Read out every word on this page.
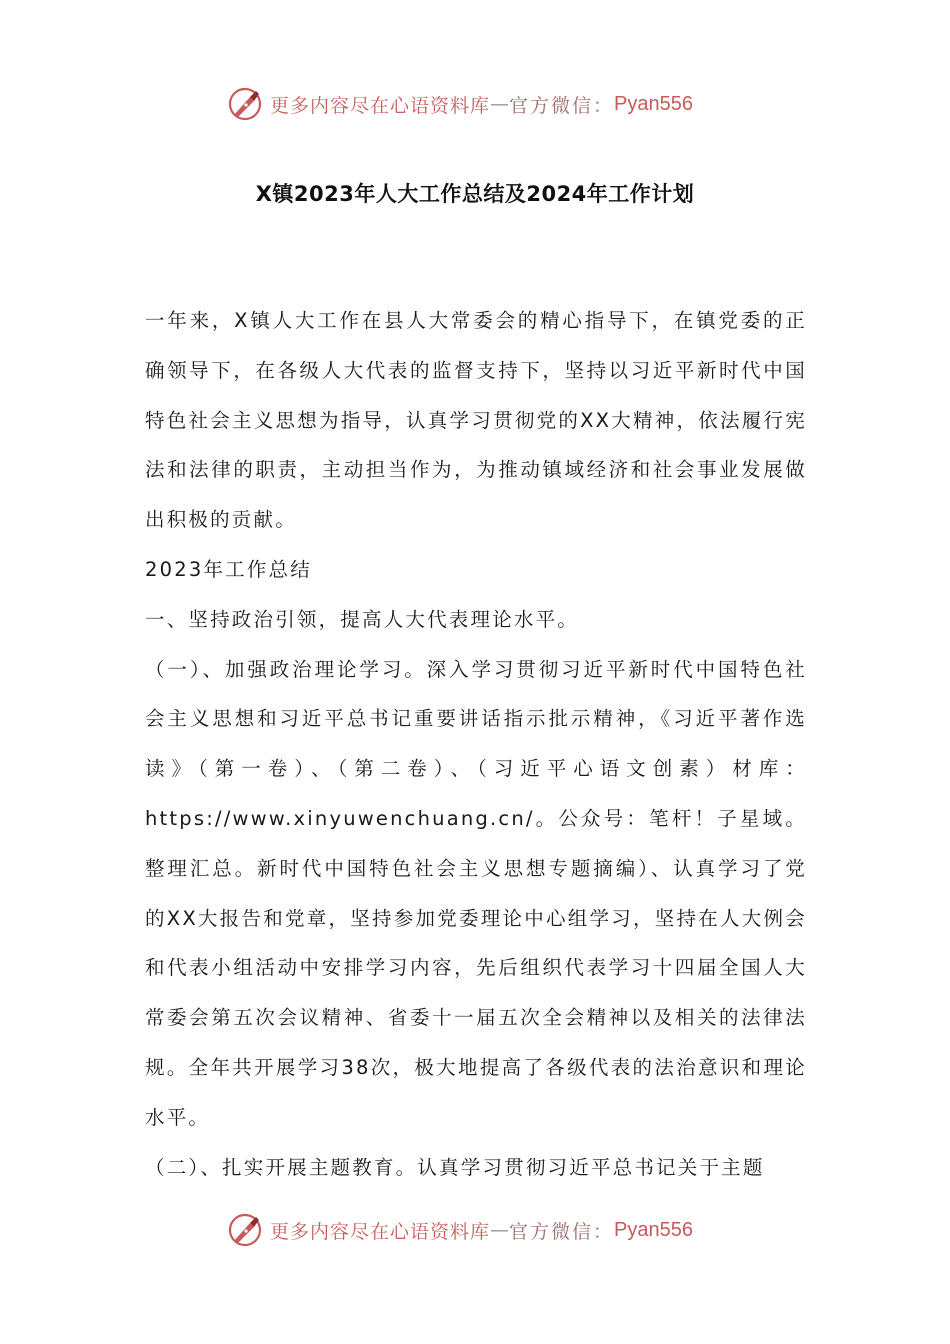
更多内容尽在心语资料库 — 官方微信： Pyan556
X镇2023年人大工作总结及2024年工作计划

一年来，X镇人大工作在县人大常委会的精心指导下，在镇党委的正确领导下，在各级人大代表的监督支持下，坚持以习近平新时代中国特色社会主义思想为指导，认真学习贯彻党的XX大精神，依法履行宪法和法律的职责，主动担当作为，为推动镇域经济和社会事业发展做出积极的贡献。

2023年工作总结

一、坚持政治引领，提高人大代表理论水平。

（一）、加强政治理论学习。深入学习贯彻习近平新时代中国特色社会主义思想和习近平总书记重要讲话指示批示精神，《习近平著作选读》（第一卷）、（第二卷）、（习近平心语文创素）材库：https://www.xinyuwenchuang.cn/。公众号：笔杆！子星域。整理汇总。新时代中国特色社会主义思想专题摘编）、认真学习了党的XX大报告和党章，坚持参加党委理论中心组学习，坚持在人大例会和代表小组活动中安排学习内容，先后组织代表学习十四届全国人大常委会第五次会议精神、省委十一届五次全会精神以及相关的法律法规。全年共开展学习38次，极大地提高了各级代表的法治意识和理论水平。

（二）、扎实开展主题教育。认真学习贯彻习近平总书记关于主题

更多内容尽在心语资料库 — 官方微信： Pyan556
